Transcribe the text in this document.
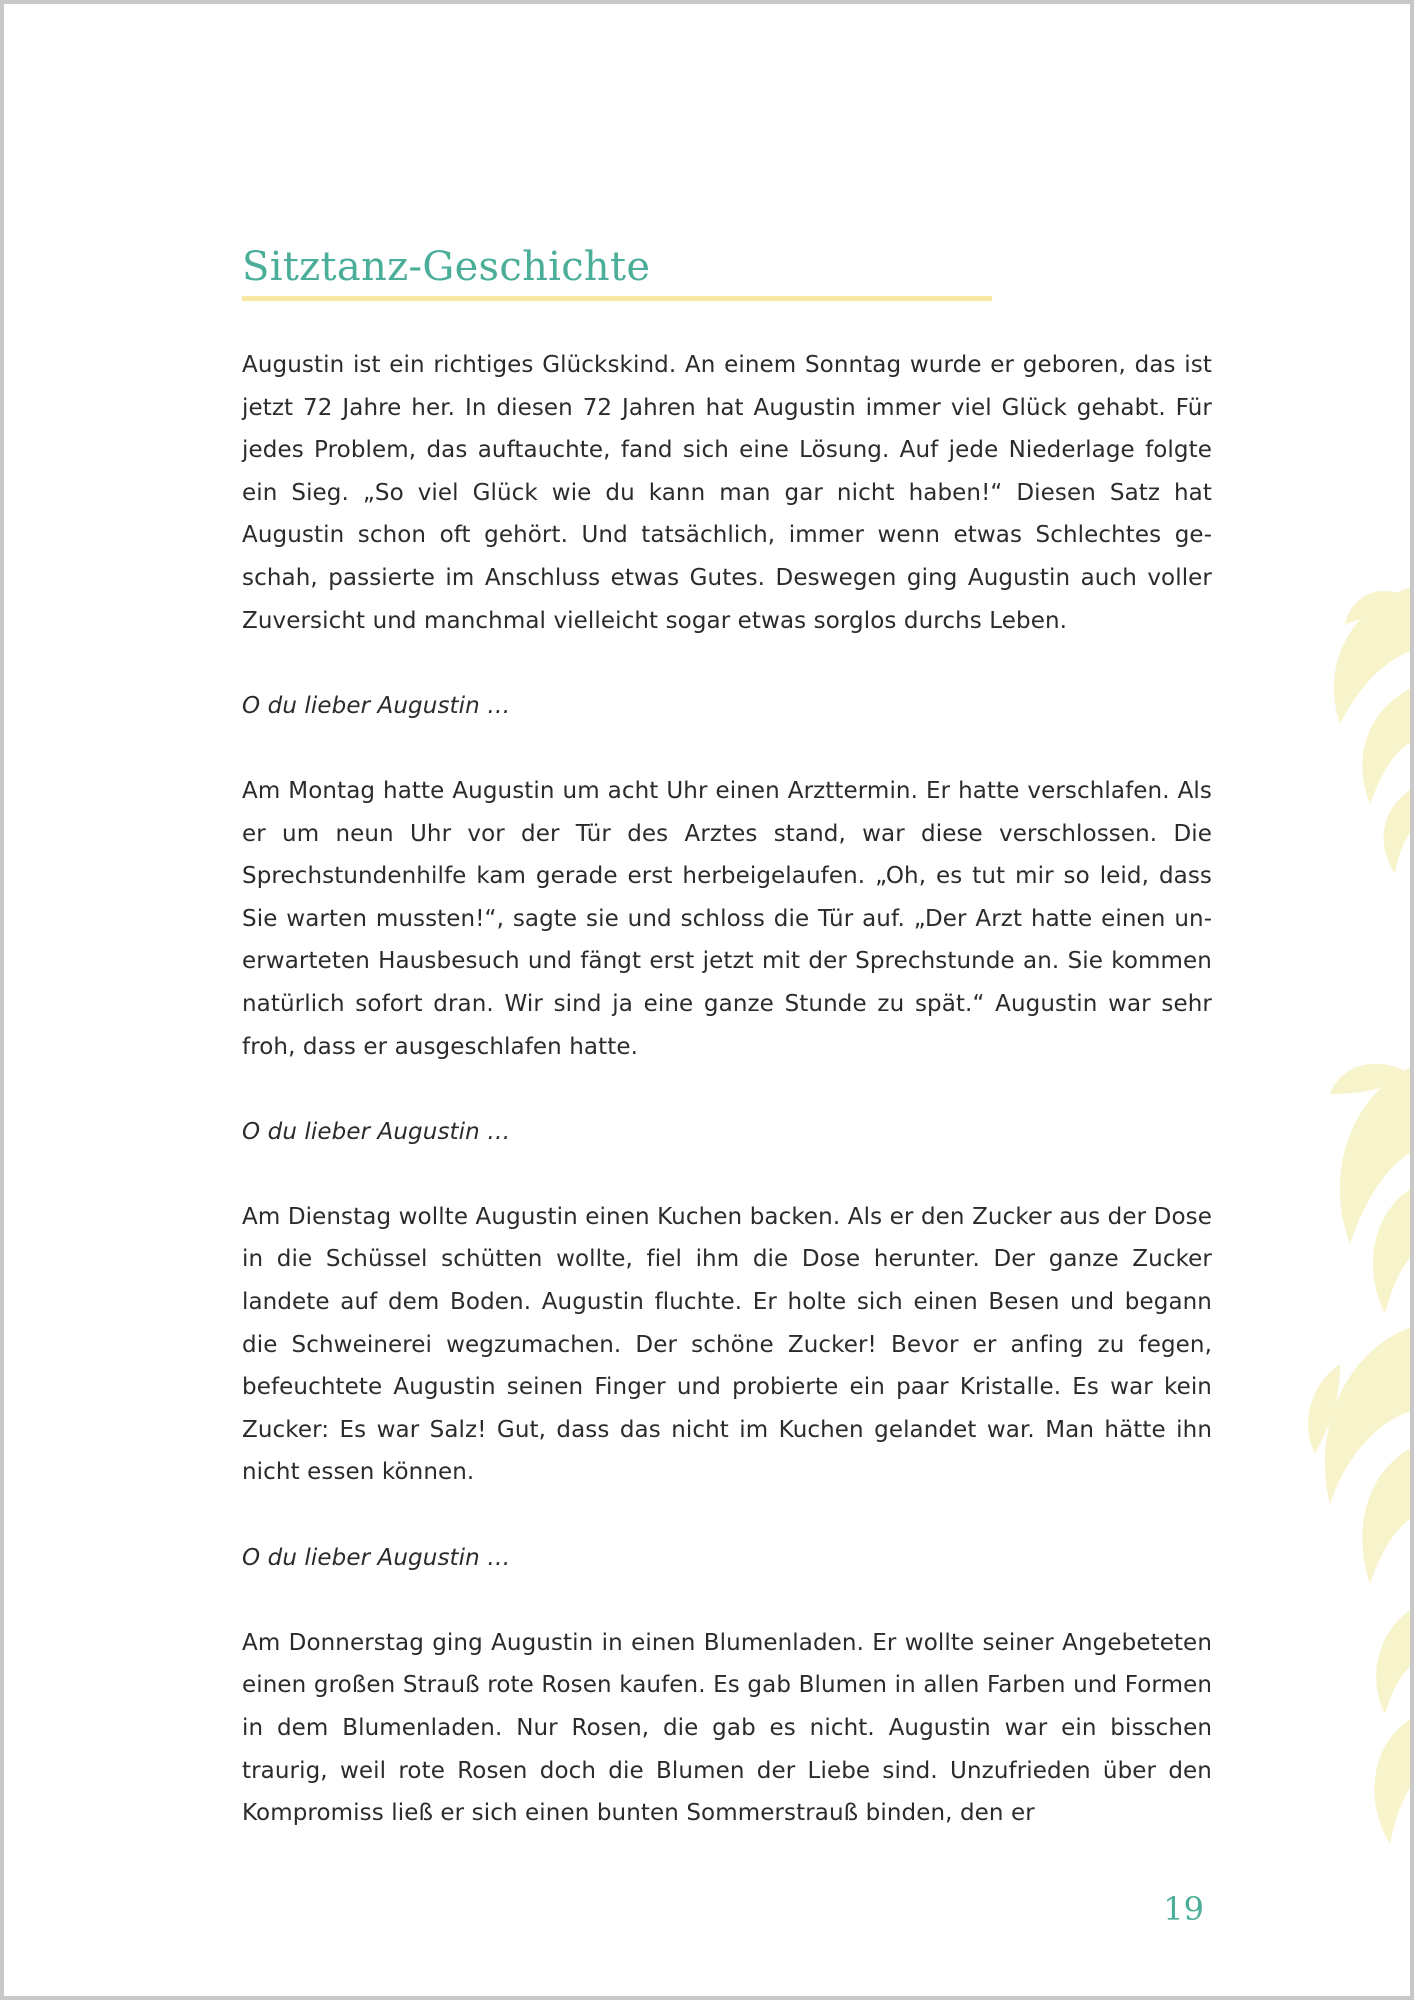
Sitztanz-Geschichte

Augustin ist ein richtiges Glückskind. An einem Sonntag wurde er geboren, das ist jetzt 72 Jahre her. In diesen 72 Jahren hat Augustin immer viel Glück gehabt. Für jedes Problem, das auftauchte, fand sich eine Lösung. Auf jede Niederlage folgte ein Sieg. „So viel Glück wie du kann man gar nicht haben!“ Diesen Satz hat Augustin schon oft gehört. Und tatsächlich, immer wenn etwas Schlechtes geschah, passierte im Anschluss etwas Gutes. Deswegen ging Augustin auch voller Zuversicht und manchmal vielleicht sogar etwas sorglos durchs Leben.

O du lieber Augustin …

Am Montag hatte Augustin um acht Uhr einen Arzttermin. Er hatte verschlafen. Als er um neun Uhr vor der Tür des Arztes stand, war diese verschlossen. Die Sprechstundenhilfe kam gerade erst herbeigelaufen. „Oh, es tut mir so leid, dass Sie warten mussten!“, sagte sie und schloss die Tür auf. „Der Arzt hatte einen unerwarteten Hausbesuch und fängt erst jetzt mit der Sprechstunde an. Sie kommen natürlich sofort dran. Wir sind ja eine ganze Stunde zu spät.“ Augustin war sehr froh, dass er ausgeschlafen hatte.

O du lieber Augustin …

Am Dienstag wollte Augustin einen Kuchen backen. Als er den Zucker aus der Dose in die Schüssel schütten wollte, fiel ihm die Dose herunter. Der ganze Zucker landete auf dem Boden. Augustin fluchte. Er holte sich einen Besen und begann die Schweinerei wegzumachen. Der schöne Zucker! Bevor er anfing zu fegen, befeuchtete Augustin seinen Finger und probierte ein paar Kristalle. Es war kein Zucker: Es war Salz! Gut, dass das nicht im Kuchen gelandet war. Man hätte ihn nicht essen können.

O du lieber Augustin …

Am Donnerstag ging Augustin in einen Blumenladen. Er wollte seiner Angebeteten einen großen Strauß rote Rosen kaufen. Es gab Blumen in allen Farben und Formen in dem Blumenladen. Nur Rosen, die gab es nicht. Augustin war ein bisschen traurig, weil rote Rosen doch die Blumen der Liebe sind. Unzufrieden über den Kompromiss ließ er sich einen bunten Sommerstrauß binden, den er

19
